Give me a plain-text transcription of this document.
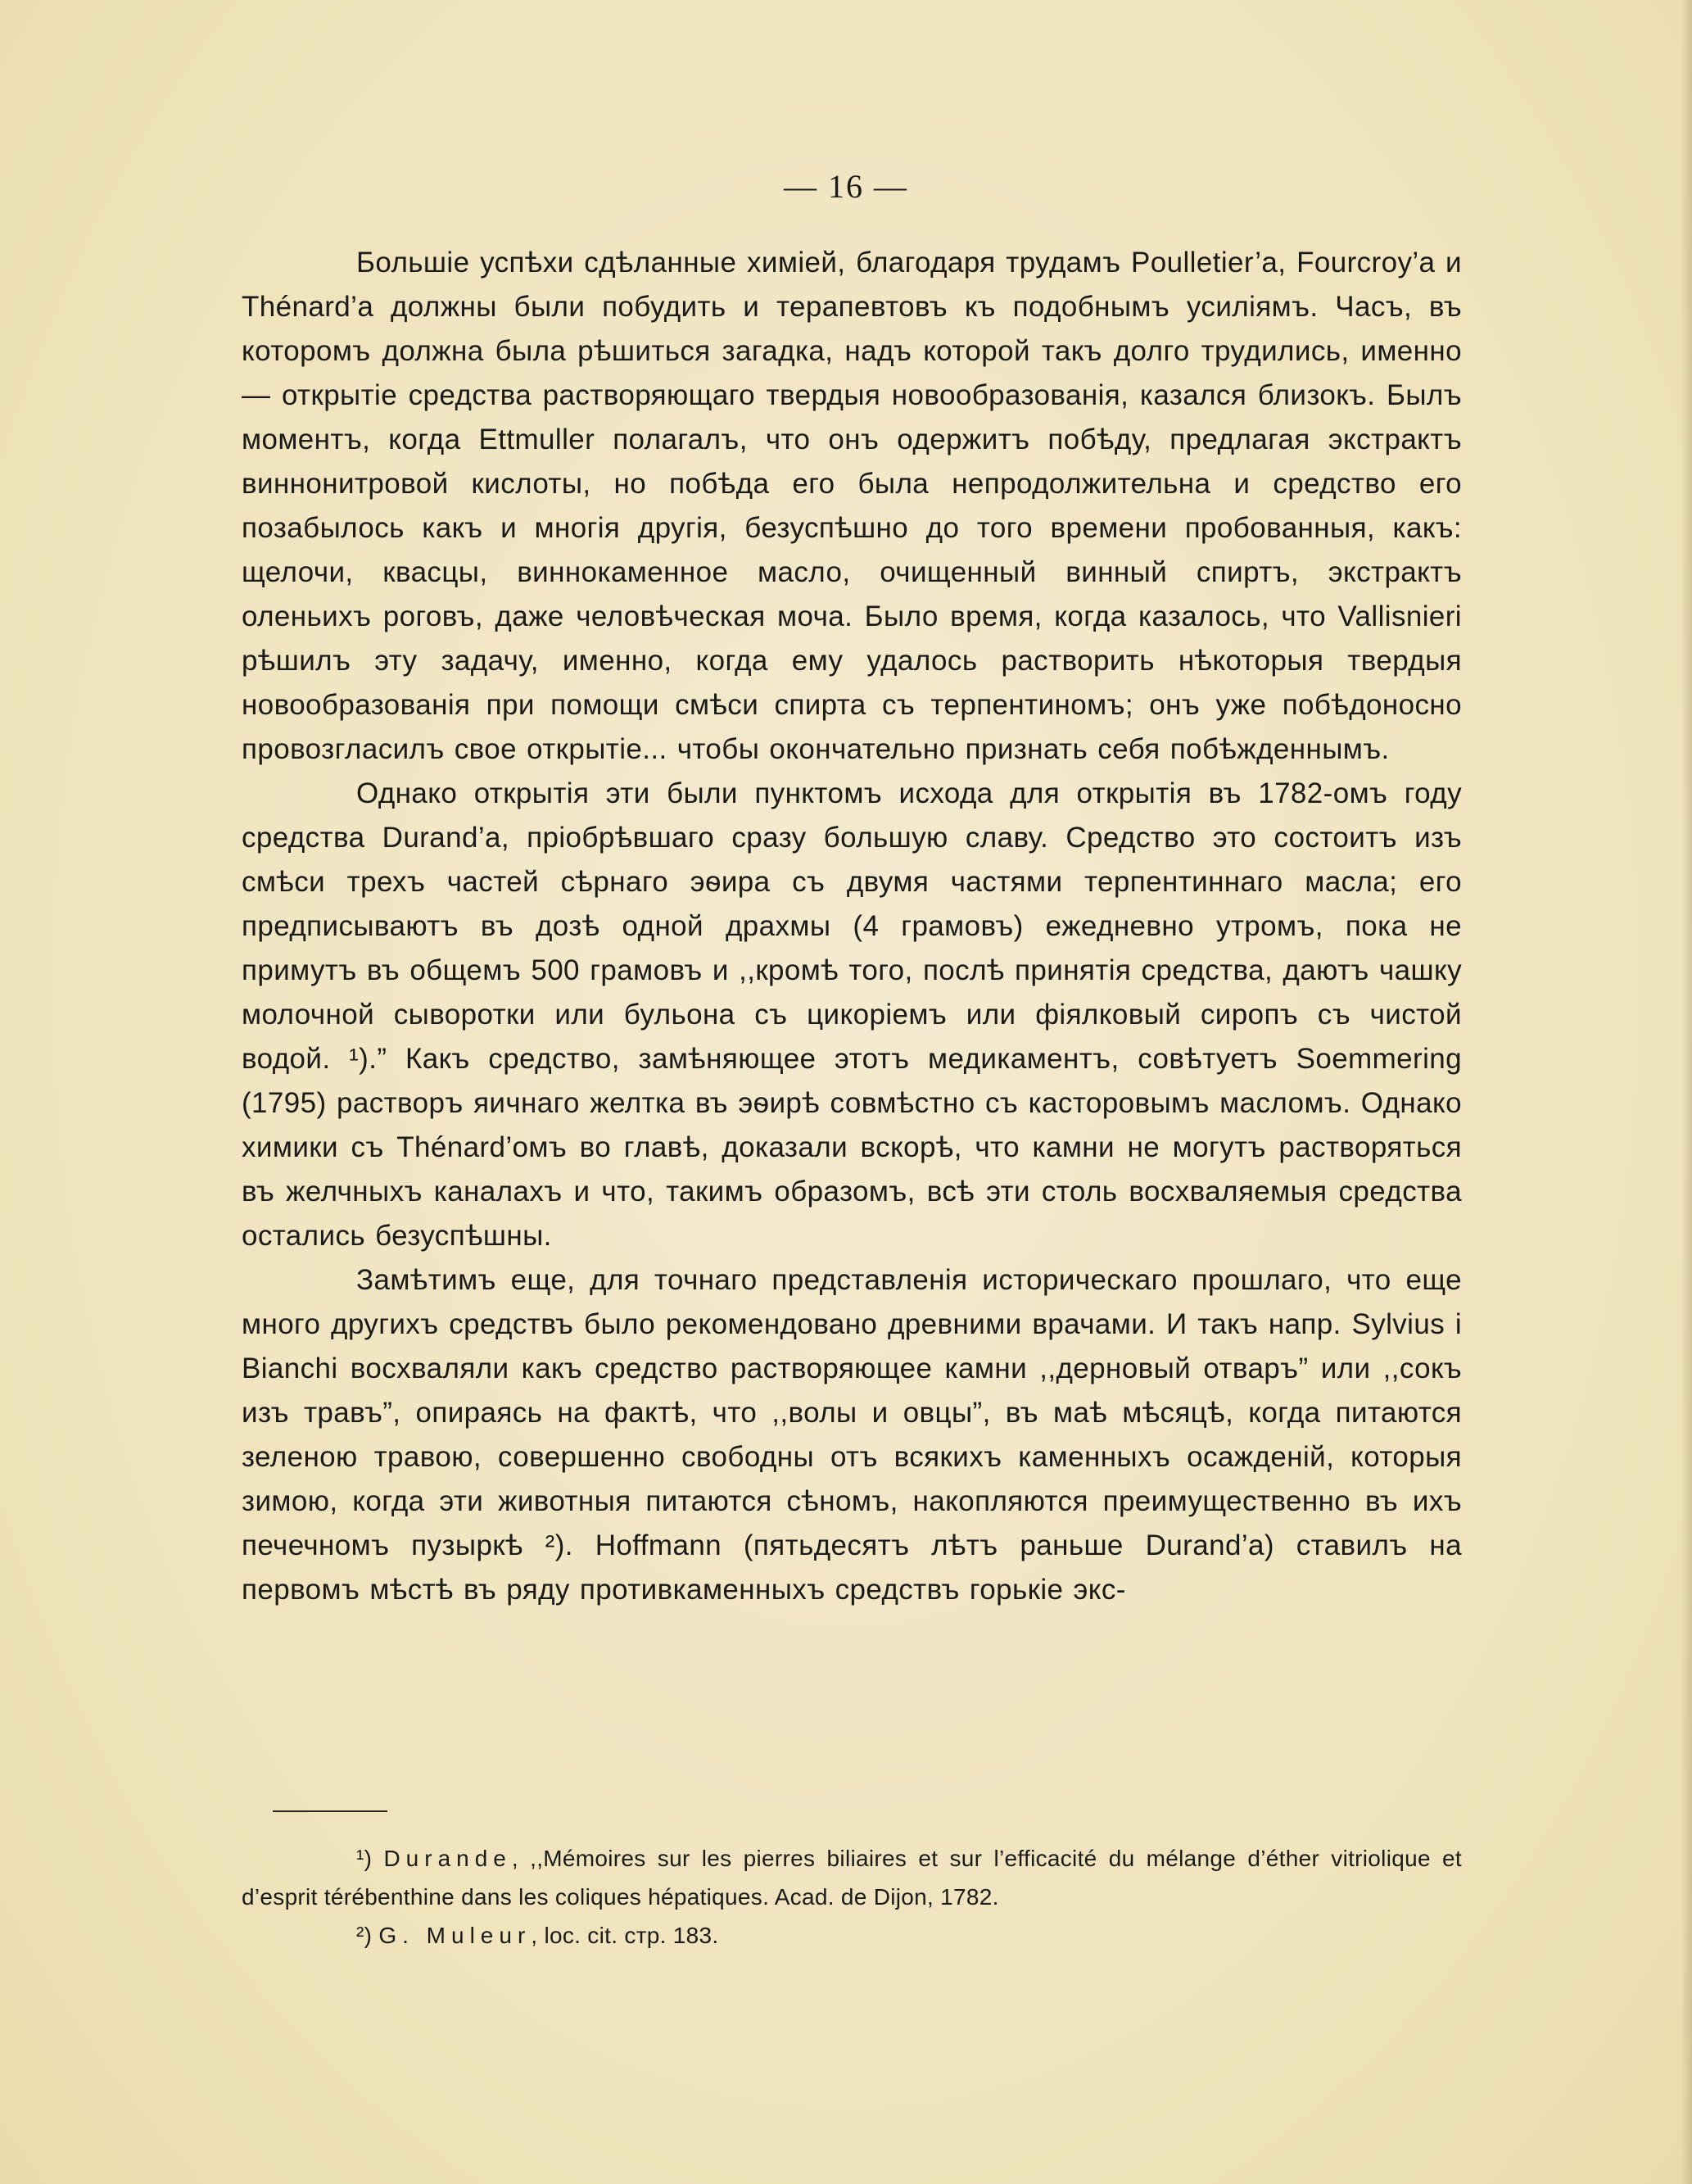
— 16 —

Большіе успѣхи сдѣланные химіей, благодаря трудамъ Poulletier’a, Fourcroy’a и Thénard’a должны были побудить и терапевтовъ къ подобнымъ усиліямъ. Часъ, въ которомъ должна была рѣшиться загадка, надъ которой такъ долго трудились, именно — открытіе средства растворяющаго твердыя новообразованія, казался близокъ. Былъ моментъ, когда Ettmuller полагалъ, что онъ одержитъ побѣду, предлагая экстрактъ виннонитровой кислоты, но побѣда его была непродолжительна и средство его позабылось какъ и многія другія, безуспѣшно до того времени пробованныя, какъ: щелочи, квасцы, виннокаменное масло, очищенный винный спиртъ, экстрактъ оленьихъ роговъ, даже человѣческая моча. Было время, когда казалось, что Vallisnieri рѣшилъ эту задачу, именно, когда ему удалось растворить нѣкоторыя твердыя новообразованія при помощи смѣси спирта съ терпентиномъ; онъ уже побѣдоносно провозгласилъ свое открытіе... чтобы окончательно признать себя побѣжденнымъ.

Однако открытія эти были пунктомъ исхода для открытія въ 1782-омъ году средства Durand’a, пріобрѣвшаго сразу большую славу. Средство это состоитъ изъ смѣси трехъ частей сѣрнаго эѳира съ двумя частями терпентиннаго масла; его предписываютъ въ дозѣ одной драхмы (4 грамовъ) ежедневно утромъ, пока не примутъ въ общемъ 500 грамовъ и ,,кромѣ того, послѣ принятія средства, даютъ чашку молочной сыворотки или бульона съ цикоріемъ или фіялковый сиропъ съ чистой водой. ¹).” Какъ средство, замѣняющее этотъ медикаментъ, совѣтуетъ Soemmering (1795) растворъ яичнаго желтка въ эѳирѣ совмѣстно съ касторовымъ масломъ. Однако химики съ Thénard’омъ во главѣ, доказали вскорѣ, что камни не могутъ растворяться въ желчныхъ каналахъ и что, такимъ образомъ, всѣ эти столь восхваляемыя средства остались безуспѣшны.

Замѣтимъ еще, для точнаго представленія историческаго прошлаго, что еще много другихъ средствъ было рекомендовано древними врачами. И такъ напр. Sylvius i Bianchi восхваляли какъ средство растворяющее камни ,,дерновый отваръ” или ,,сокъ изъ травъ”, опираясь на фактѣ, что ,,волы и овцы”, въ маѣ мѣсяцѣ, когда питаются зеленою травою, совершенно свободны отъ всякихъ каменныхъ осажденій, которыя зимою, когда эти животныя питаются сѣномъ, накопляются преимущественно въ ихъ печечномъ пузыркѣ ²). Hoffmann (пятьдесятъ лѣтъ раньше Durand’a) ставилъ на первомъ мѣстѣ въ ряду противкаменныхъ средствъ горькіе экс-

¹) Durande, ,,Mémoires sur les pierres biliaires et sur l’efficacité du mélange d’éther vitriolique et d’esprit térébenthine dans les coliques hépatiques. Acad. de Dijon, 1782.

²) G. Muleur, loc. cit. стр. 183.
